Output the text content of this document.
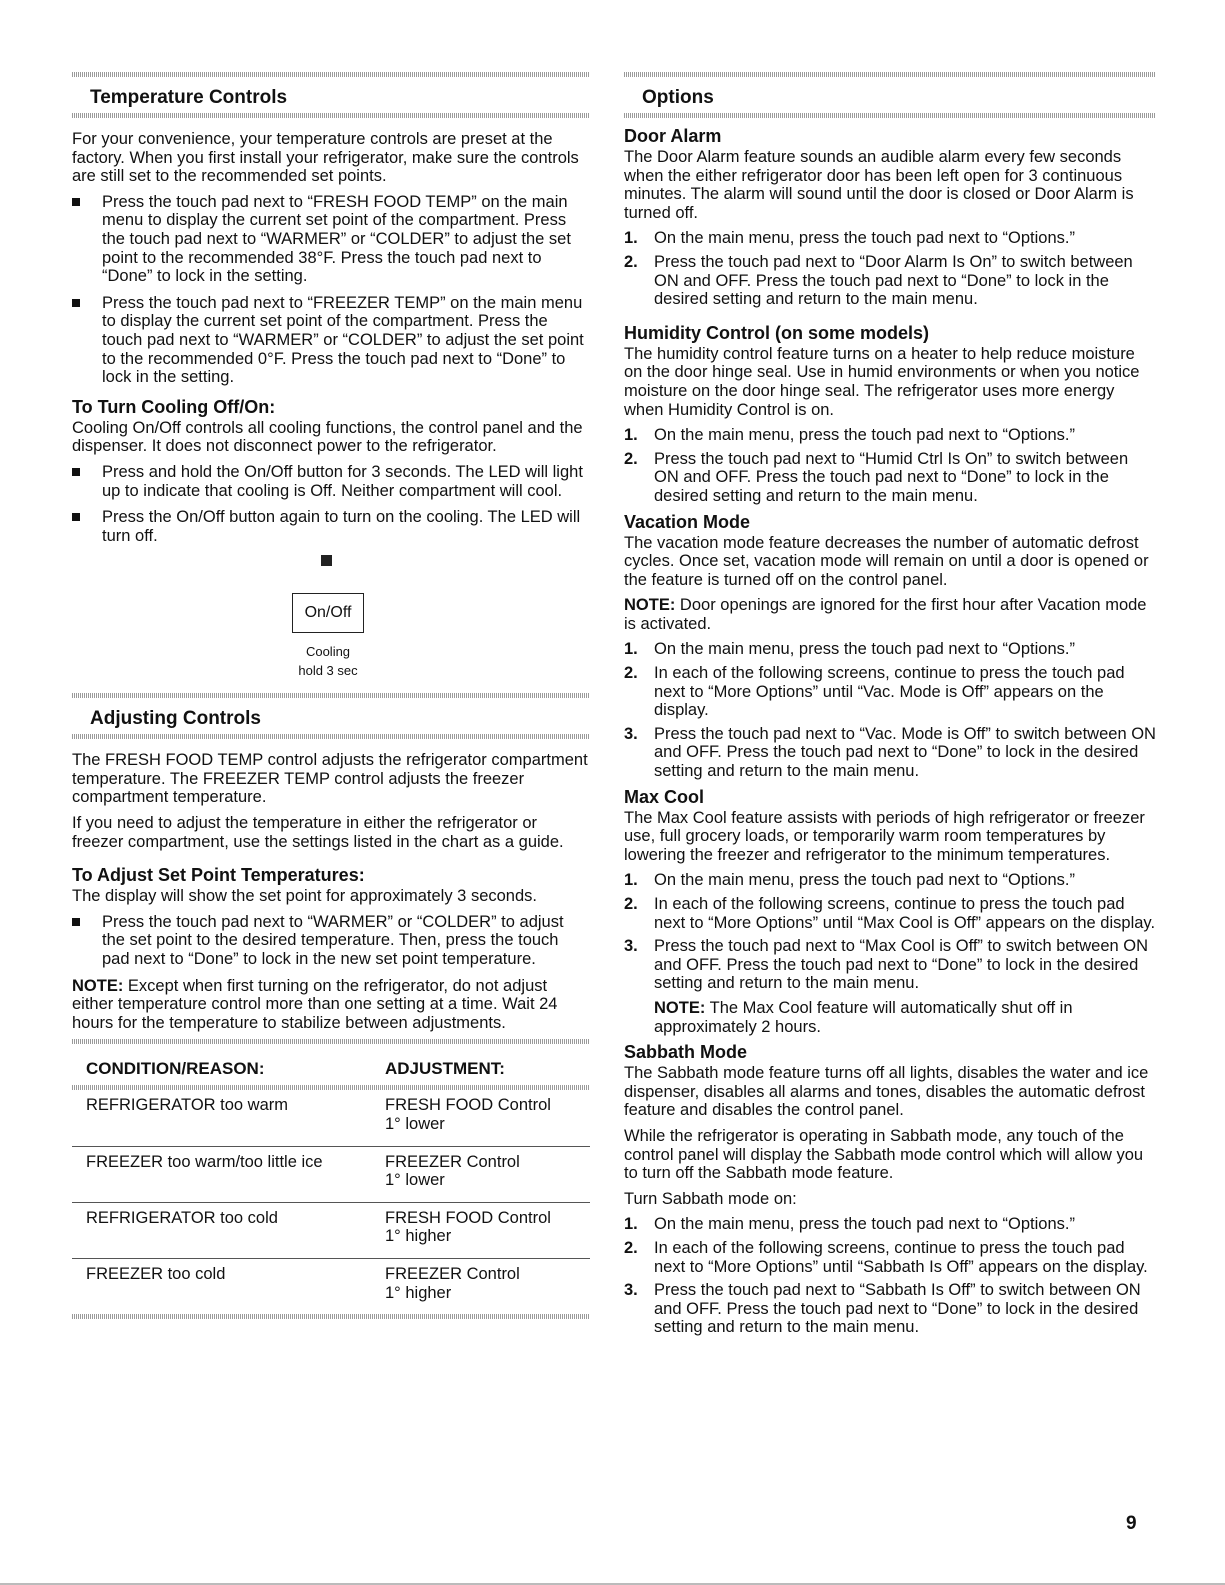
Temperature Controls

For your convenience, your temperature controls are preset at the factory. When you first install your refrigerator, make sure the controls are still set to the recommended set points.

Press the touch pad next to “FRESH FOOD TEMP” on the main menu to display the current set point of the compartment. Press the touch pad next to “WARMER” or “COLDER” to adjust the set point to the recommended 38°F. Press the touch pad next to “Done” to lock in the setting.
Press the touch pad next to “FREEZER TEMP” on the main menu to display the current set point of the compartment. Press the touch pad next to “WARMER” or “COLDER” to adjust the set point to the recommended 0°F. Press the touch pad next to “Done” to lock in the setting.
To Turn Cooling Off/On:

Cooling On/Off controls all cooling functions, the control panel and the dispenser. It does not disconnect power to the refrigerator.

Press and hold the On/Off button for 3 seconds. The LED will light up to indicate that cooling is Off. Neither compartment will cool.
Press the On/Off button again to turn on the cooling. The LED will turn off.
On/Off
Cooling
hold 3 sec
Adjusting Controls

The FRESH FOOD TEMP control adjusts the refrigerator compartment temperature. The FREEZER TEMP control adjusts the freezer compartment temperature.

If you need to adjust the temperature in either the refrigerator or freezer compartment, use the settings listed in the chart as a guide.

To Adjust Set Point Temperatures:

The display will show the set point for approximately 3 seconds.

Press the touch pad next to “WARMER” or “COLDER” to adjust the set point to the desired temperature. Then, press the touch pad next to “Done” to lock in the new set point temperature.

NOTE: Except when first turning on the refrigerator, do not adjust either temperature control more than one setting at a time. Wait 24 hours for the temperature to stabilize between adjustments.

CONDITION/REASON:	ADJUSTMENT:

REFRIGERATOR too warm	FRESH FOOD Control
1° lower
FREEZER too warm/too little ice	FREEZER Control
1° lower
REFRIGERATOR too cold	FRESH FOOD Control
1° higher
FREEZER too cold	FREEZER Control
1° higher
Options
Door Alarm

The Door Alarm feature sounds an audible alarm every few seconds when the either refrigerator door has been left open for 3 continuous minutes. The alarm will sound until the door is closed or Door Alarm is turned off.

1. On the main menu, press the touch pad next to “Options.”
2. Press the touch pad next to “Door Alarm Is On” to switch between ON and OFF. Press the touch pad next to “Done” to lock in the desired setting and return to the main menu.
Humidity Control (on some models)

The humidity control feature turns on a heater to help reduce moisture on the door hinge seal. Use in humid environments or when you notice moisture on the door hinge seal. The refrigerator uses more energy when Humidity Control is on.

1. On the main menu, press the touch pad next to “Options.”
2. Press the touch pad next to “Humid Ctrl Is On” to switch between ON and OFF. Press the touch pad next to “Done” to lock in the desired setting and return to the main menu.
Vacation Mode

The vacation mode feature decreases the number of automatic defrost cycles. Once set, vacation mode will remain on until a door is opened or the feature is turned off on the control panel.

NOTE: Door openings are ignored for the first hour after Vacation mode is activated.

1. On the main menu, press the touch pad next to “Options.”
2. In each of the following screens, continue to press the touch pad next to “More Options” until “Vac. Mode is Off” appears on the display.
3. Press the touch pad next to “Vac. Mode is Off” to switch between ON and OFF. Press the touch pad next to “Done” to lock in the desired setting and return to the main menu.
Max Cool

The Max Cool feature assists with periods of high refrigerator or freezer use, full grocery loads, or temporarily warm room temperatures by lowering the freezer and refrigerator to the minimum temperatures.

1. On the main menu, press the touch pad next to “Options.”
2. In each of the following screens, continue to press the touch pad next to “More Options” until “Max Cool is Off” appears on the display.
3. Press the touch pad next to “Max Cool is Off” to switch between ON and OFF. Press the touch pad next to “Done” to lock in the desired setting and return to the main menu.
NOTE: The Max Cool feature will automatically shut off in approximately 2 hours.
Sabbath Mode

The Sabbath mode feature turns off all lights, disables the water and ice dispenser, disables all alarms and tones, disables the automatic defrost feature and disables the control panel.

While the refrigerator is operating in Sabbath mode, any touch of the control panel will display the Sabbath mode control which will allow you to turn off the Sabbath mode feature.

Turn Sabbath mode on:

1. On the main menu, press the touch pad next to “Options.”
2. In each of the following screens, continue to press the touch pad next to “More Options” until “Sabbath Is Off” appears on the display.
3. Press the touch pad next to “Sabbath Is Off” to switch between ON and OFF. Press the touch pad next to “Done” to lock in the desired setting and return to the main menu.
9
